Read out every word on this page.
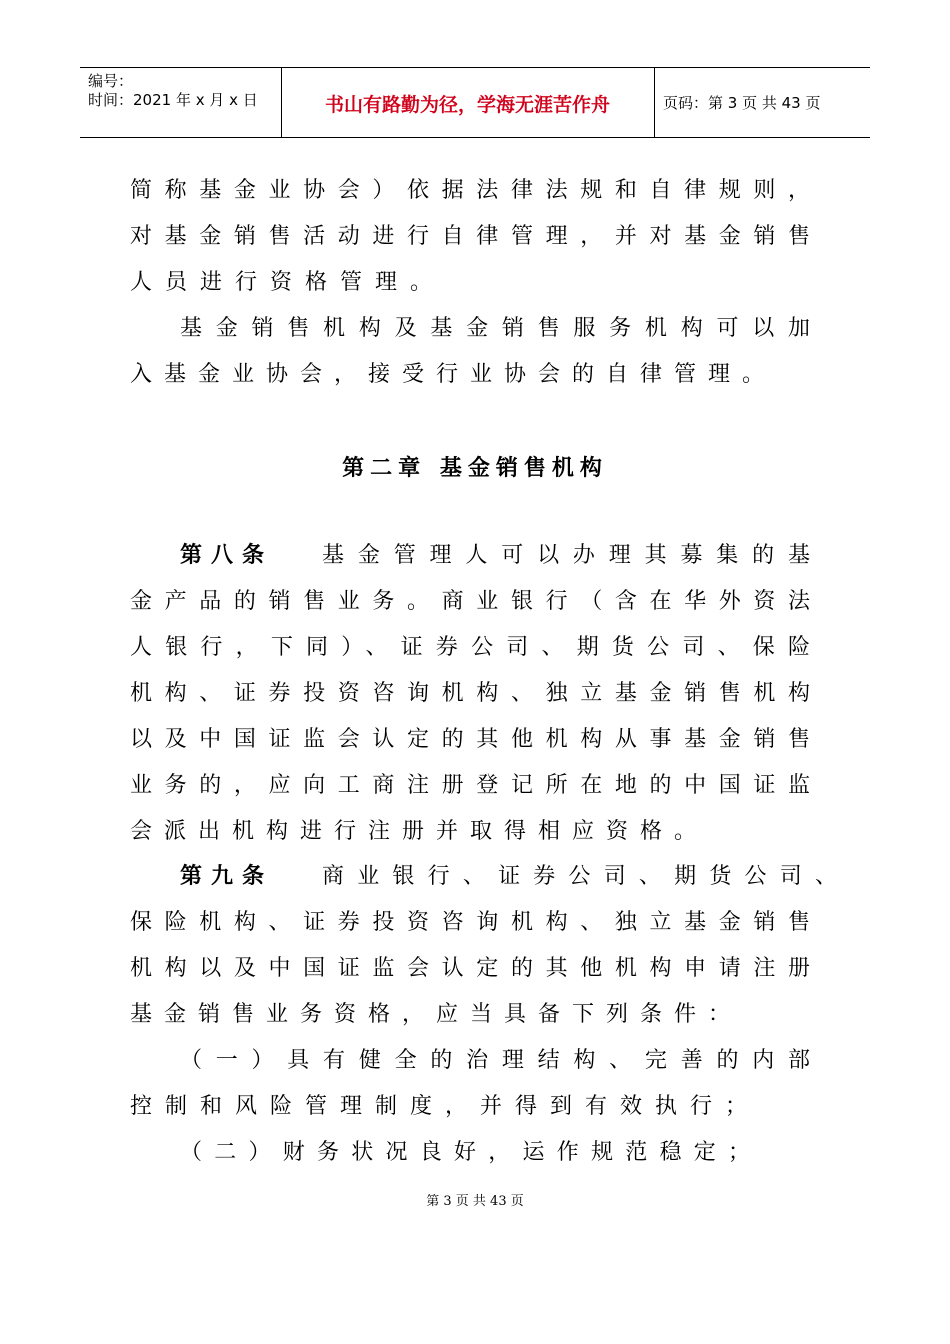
编号：
时间：2021 年 x 月 x 日	书山有路勤为径，学海无涯苦作舟	页码：第 3 页 共 43 页
简称基金业协会）依据法律法规和自律规则，
对基金销售活动进行自律管理，并对基金销售
人员进行资格管理。
基金销售机构及基金销售服务机构可以加
入基金业协会，接受行业协会的自律管理。
第二章 基金销售机构
第八条 基金管理人可以办理其募集的基
金产品的销售业务。商业银行（含在华外资法
人银行，下同）、证券公司、期货公司、保险
机构、证券投资咨询机构、独立基金销售机构
以及中国证监会认定的其他机构从事基金销售
业务的，应向工商注册登记所在地的中国证监
会派出机构进行注册并取得相应资格。
第九条 商业银行、证券公司、期货公司、
保险机构、证券投资咨询机构、独立基金销售
机构以及中国证监会认定的其他机构申请注册
基金销售业务资格，应当具备下列条件：
（一）具有健全的治理结构、完善的内部
控制和风险管理制度，并得到有效执行；
（二）财务状况良好，运作规范稳定；
第 3 页 共 43 页
